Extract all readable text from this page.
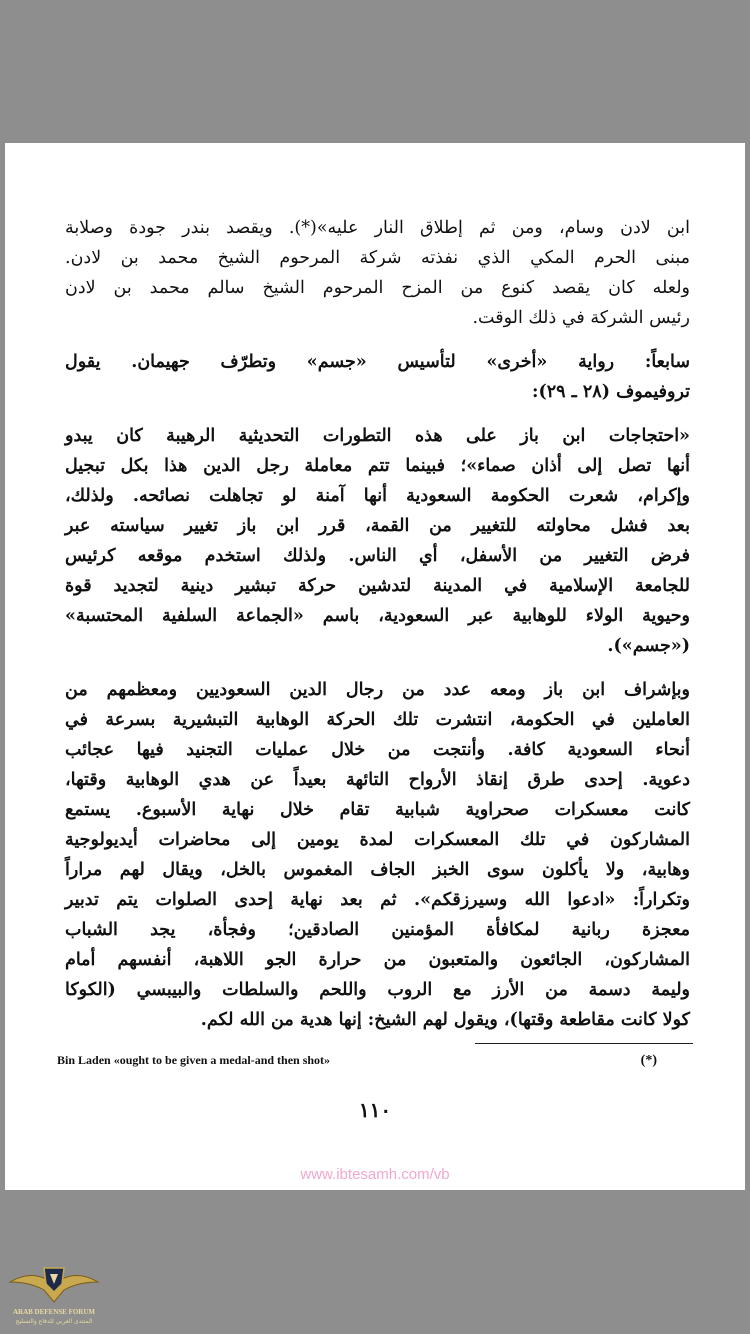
ابن لادن وسام، ومن ثم إطلاق النار عليه»(*). ويقصد بندر جودة وصلابة
مبنى الحرم المكي الذي نفذته شركة المرحوم الشيخ محمد بن لادن.
ولعله كان يقصد كنوع من المزح المرحوم الشيخ سالم محمد بن لادن
رئيس الشركة في ذلك الوقت.
سابعاً: رواية «أخرى» لتأسيس «جسم» وتطرّف جهيمان. يقول
تروفيموف (٢٨ ـ ٢٩):
«احتجاجات ابن باز على هذه التطورات التحديثية الرهيبة كان يبدو
أنها تصل إلى أذان صماء»؛ فبينما تتم معاملة رجل الدين هذا بكل تبجيل
وإكرام، شعرت الحكومة السعودية أنها آمنة لو تجاهلت نصائحه. ولذلك،
بعد فشل محاولته للتغيير من القمة، قرر ابن باز تغيير سياسته عبر
فرض التغيير من الأسفل، أي الناس. ولذلك استخدم موقعه كرئيس
للجامعة الإسلامية في المدينة لتدشين حركة تبشير دينية لتجديد قوة
وحيوية الولاء للوهابية عبر السعودية، باسم «الجماعة السلفية المحتسبة»
(«جسم»).
وبإشراف ابن باز ومعه عدد من رجال الدين السعوديين ومعظمهم من
العاملين في الحكومة، انتشرت تلك الحركة الوهابية التبشيرية بسرعة في
أنحاء السعودية كافة. وأنتجت من خلال عمليات التجنيد فيها عجائب
دعوية. إحدى طرق إنقاذ الأرواح التائهة بعيداً عن هدي الوهابية وقتها،
كانت معسكرات صحراوية شبابية تقام خلال نهاية الأسبوع. يستمع
المشاركون في تلك المعسكرات لمدة يومين إلى محاضرات أيديولوجية
وهابية، ولا يأكلون سوى الخبز الجاف المغموس بالخل، ويقال لهم مراراً
وتكراراً: «ادعوا الله وسيرزقكم». ثم بعد نهاية إحدى الصلوات يتم تدبير
معجزة ربانية لمكافأة المؤمنين الصادقين؛ وفجأة، يجد الشباب
المشاركون، الجائعون والمتعبون من حرارة الجو اللاهبة، أنفسهم أمام
وليمة دسمة من الأرز مع الروب واللحم والسلطات والبيبسي (الكوكا
كولا كانت مقاطعة وقتها)، ويقول لهم الشيخ: إنها هدية من الله لكم.
Bin Laden «ought to be given a medal-and then shot»	(*)
١١٠
www.ibtesamh.com/vb
ARAB DEFENSE FORUM
المنتدى العربي للدفاع والتسليح
